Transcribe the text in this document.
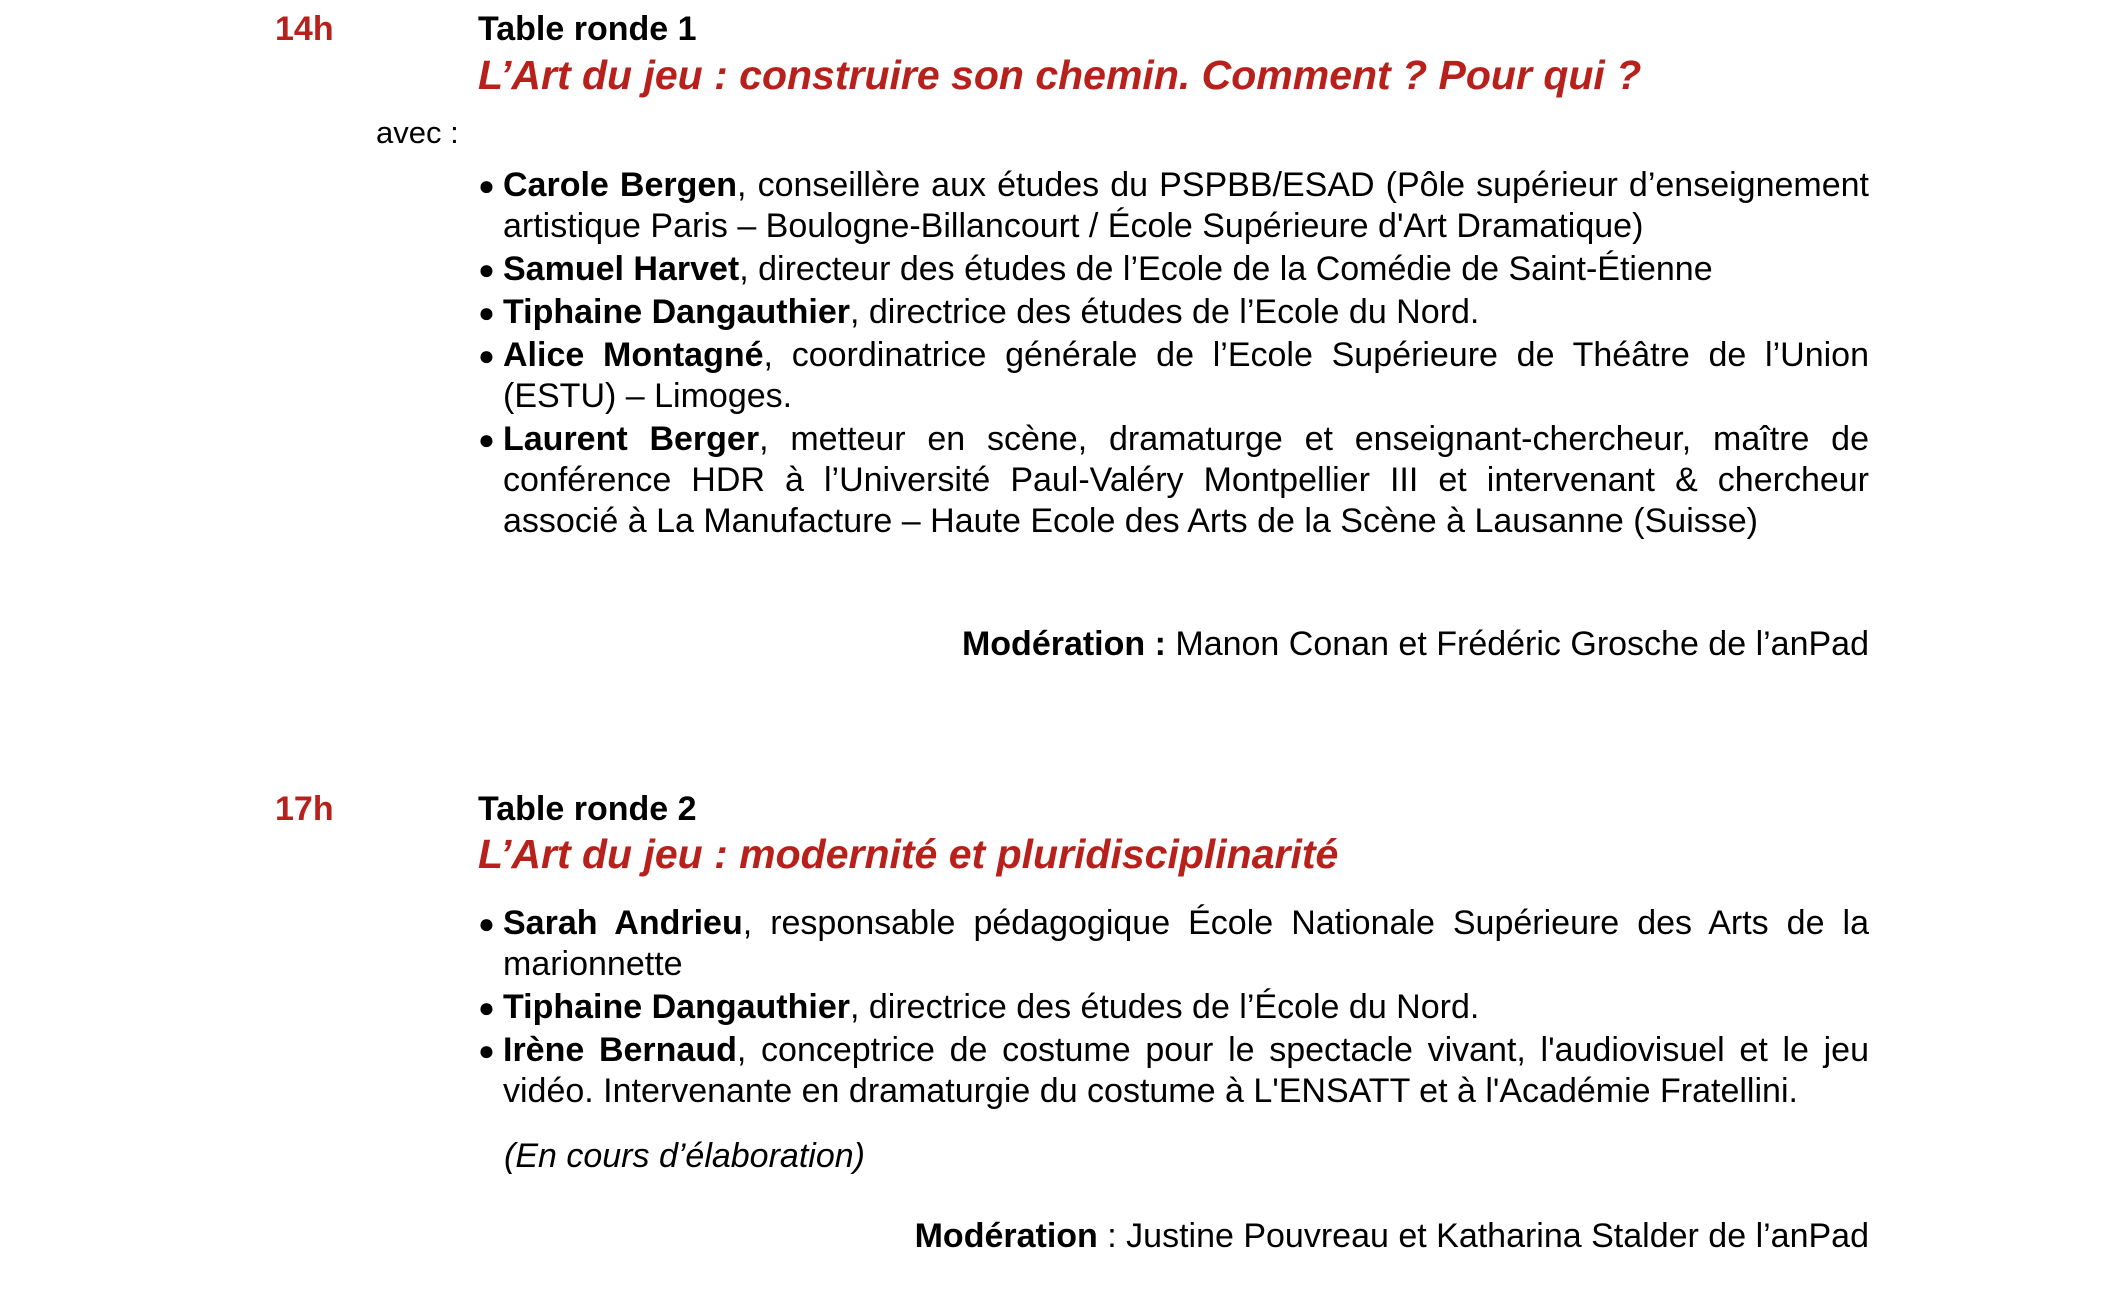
14h	Table ronde 1
L’Art du jeu : construire son chemin. Comment ? Pour qui ?
avec :
● Carole Bergen, conseillère aux études du PSPBB/ESAD (Pôle supérieur d’enseignement artistique Paris – Boulogne-Billancourt / École Supérieure d'Art Dramatique)
● Samuel Harvet, directeur des études de l’Ecole de la Comédie de Saint-Étienne
● Tiphaine Dangauthier, directrice des études de l’Ecole du Nord.
● Alice Montagné, coordinatrice générale de l’Ecole Supérieure de Théâtre de l’Union (ESTU) – Limoges.
● Laurent Berger, metteur en scène, dramaturge et enseignant-chercheur, maître de conférence HDR à l’Université Paul-Valéry Montpellier III et intervenant & chercheur associé à La Manufacture – Haute Ecole des Arts de la Scène à Lausanne (Suisse)
Modération : Manon Conan et Frédéric Grosche de l’anPad
17h	Table ronde 2
L’Art du jeu : modernité et pluridisciplinarité
● Sarah Andrieu, responsable pédagogique École Nationale Supérieure des Arts de la marionnette
● Tiphaine Dangauthier, directrice des études de l’École du Nord.
● Irène Bernaud, conceptrice de costume pour le spectacle vivant, l'audiovisuel et le jeu vidéo. Intervenante en dramaturgie du costume à L'ENSATT et à l'Académie Fratellini.
(En cours d’élaboration)
Modération : Justine Pouvreau et Katharina Stalder de l’anPad
